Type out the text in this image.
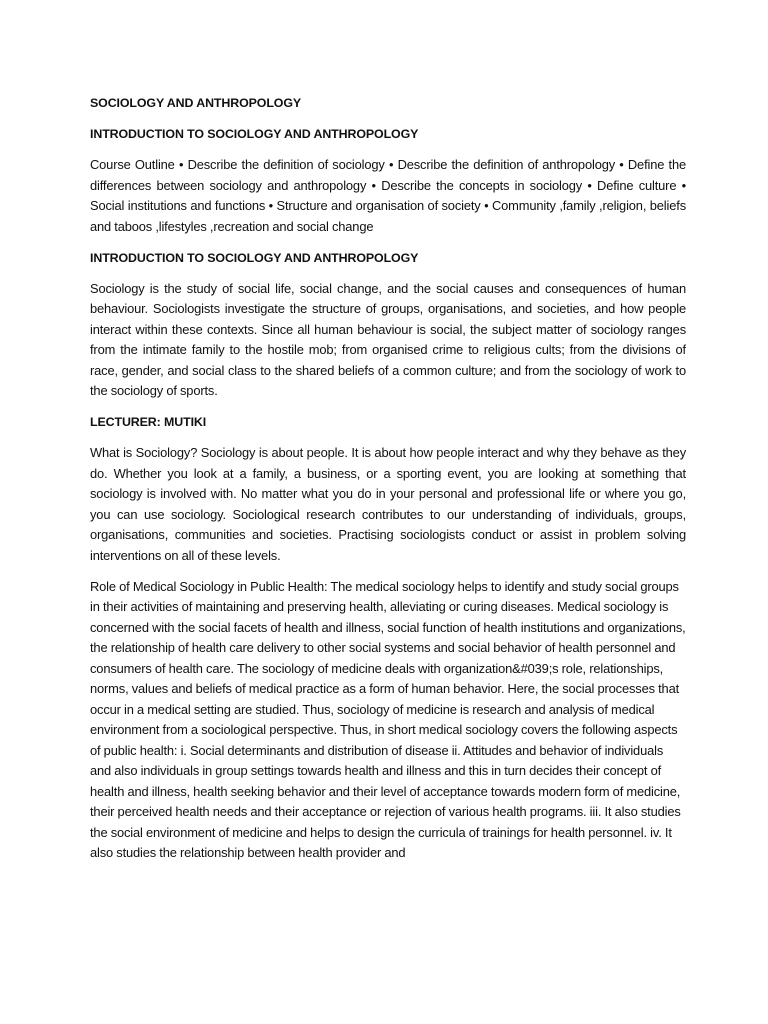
SOCIOLOGY AND ANTHROPOLOGY
INTRODUCTION TO SOCIOLOGY AND ANTHROPOLOGY

Course Outline • Describe the definition of sociology • Describe the definition of anthropology • Define the differences between sociology and anthropology • Describe the concepts in sociology • Define culture • Social institutions and functions • Structure and organisation of society • Community ,family ,religion, beliefs and taboos ,lifestyles ,recreation and social change

INTRODUCTION TO SOCIOLOGY AND ANTHROPOLOGY

Sociology is the study of social life, social change, and the social causes and consequences of human behaviour. Sociologists investigate the structure of groups, organisations, and societies, and how people interact within these contexts. Since all human behaviour is social, the subject matter of sociology ranges from the intimate family to the hostile mob; from organised crime to religious cults; from the divisions of race, gender, and social class to the shared beliefs of a common culture; and from the sociology of work to the sociology of sports.

LECTURER: MUTIKI

What is Sociology? Sociology is about people. It is about how people interact and why they behave as they do. Whether you look at a family, a business, or a sporting event, you are looking at something that sociology is involved with. No matter what you do in your personal and professional life or where you go, you can use sociology. Sociological research contributes to our understanding of individuals, groups, organisations, communities and societies. Practising sociologists conduct or assist in problem solving interventions on all of these levels.

Role of Medical Sociology in Public Health: The medical sociology helps to identify and study social groups in their activities of maintaining and preserving health, alleviating or curing diseases. Medical sociology is concerned with the social facets of health and illness, social function of health institutions and organizations, the relationship of health care delivery to other social systems and social behavior of health personnel and consumers of health care. The sociology of medicine deals with organization&#039;s role, relationships, norms, values and beliefs of medical practice as a form of human behavior. Here, the social processes that occur in a medical setting are studied. Thus, sociology of medicine is research and analysis of medical environment from a sociological perspective. Thus, in short medical sociology covers the following aspects of public health: i. Social determinants and distribution of disease ii. Attitudes and behavior of individuals and also individuals in group settings towards health and illness and this in turn decides their concept of health and illness, health seeking behavior and their level of acceptance towards modern form of medicine, their perceived health needs and their acceptance or rejection of various health programs. iii. It also studies the social environment of medicine and helps to design the curricula of trainings for health personnel. iv. It also studies the relationship between health provider and
